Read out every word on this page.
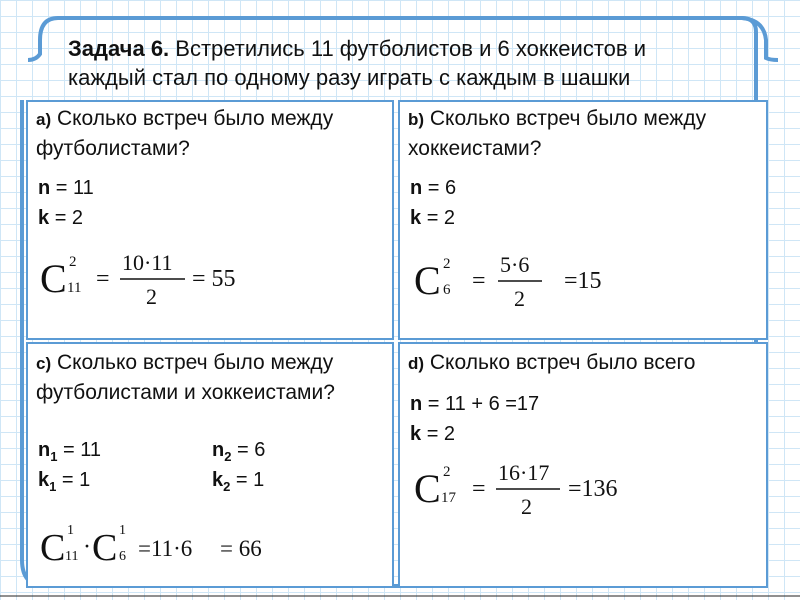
Задача 6. Встретились 11 футболистов и 6 хоккеистов и каждый стал по одному разу играть с каждым в шашки

a) Сколько встреч было между футболистами?

n = 11
k = 2
C 2
11 =
10·11
2
= 55

b) Сколько встреч было между хоккеистами?

n = 6
k = 2
C 2
6 =
5·6
2
=15

c) Сколько встреч было между футболистами и хоккеистами?

$n_1 = 11$
$k_1 = 1$
$n_2 = 6$
$k_2 = 1$
C 1
11 · C 1
6 =11·6 = 66

d) Сколько встреч было всего

n = 11 + 6 =17
k = 2
C 2
17 =
16·17
2
=136
